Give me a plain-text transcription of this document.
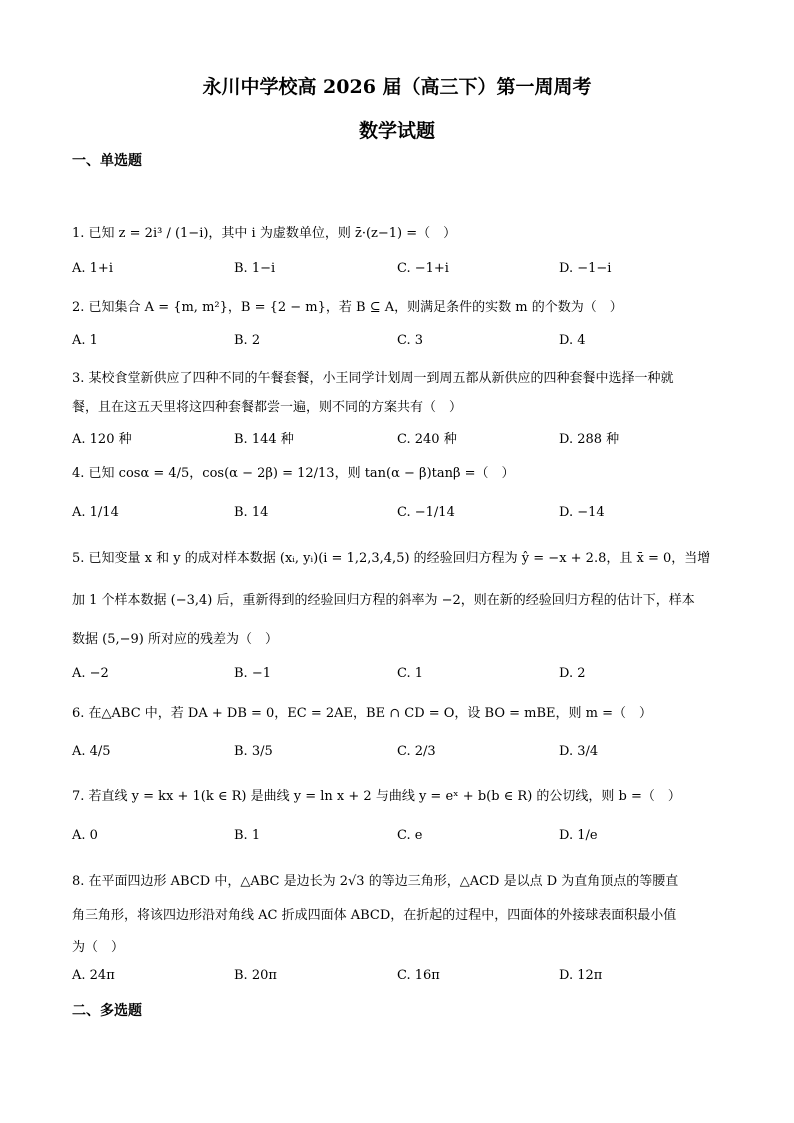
永川中学校高 2026 届（高三下）第一周周考
数学试题
一、单选题
1. 已知 z = 2i³ / (1−i)，其中 i 为虚数单位，则 z̄·(z−1) =（　）
A. 1+i	B. 1−i	C. −1+i	D. −1−i
2. 已知集合 A = {m, m²}，B = {2 − m}，若 B ⊆ A，则满足条件的实数 m 的个数为（　）
A. 1	B. 2	C. 3	D. 4
3. 某校食堂新供应了四种不同的午餐套餐，小王同学计划周一到周五都从新供应的四种套餐中选择一种就
餐，且在这五天里将这四种套餐都尝一遍，则不同的方案共有（　）
A. 120 种	B. 144 种	C. 240 种	D. 288 种
4. 已知 cosα = 4/5，cos(α − 2β) = 12/13，则 tan(α − β)tanβ =（　）
A. 1/14	B. 14	C. −1/14	D. −14
5. 已知变量 x 和 y 的成对样本数据 (xᵢ, yᵢ)(i = 1,2,3,4,5) 的经验回归方程为 ŷ = −x + 2.8，且 x̄ = 0，当增
加 1 个样本数据 (−3,4) 后，重新得到的经验回归方程的斜率为 −2，则在新的经验回归方程的估计下，样本
数据 (5,−9) 所对应的残差为（　）
A. −2	B. −1	C. 1	D. 2
6. 在△ABC 中，若 DA + DB = 0，EC = 2AE，BE ∩ CD = O，设 BO = mBE，则 m =（　）
A. 4/5	B. 3/5	C. 2/3	D. 3/4
7. 若直线 y = kx + 1(k ∈ R) 是曲线 y = ln x + 2 与曲线 y = eˣ + b(b ∈ R) 的公切线，则 b =（　）
A. 0	B. 1	C. e	D. 1/e
8. 在平面四边形 ABCD 中，△ABC 是边长为 2√3 的等边三角形，△ACD 是以点 D 为直角顶点的等腰直
角三角形，将该四边形沿对角线 AC 折成四面体 ABCD，在折起的过程中，四面体的外接球表面积最小值
为（　）
A. 24π	B. 20π	C. 16π	D. 12π
二、多选题
